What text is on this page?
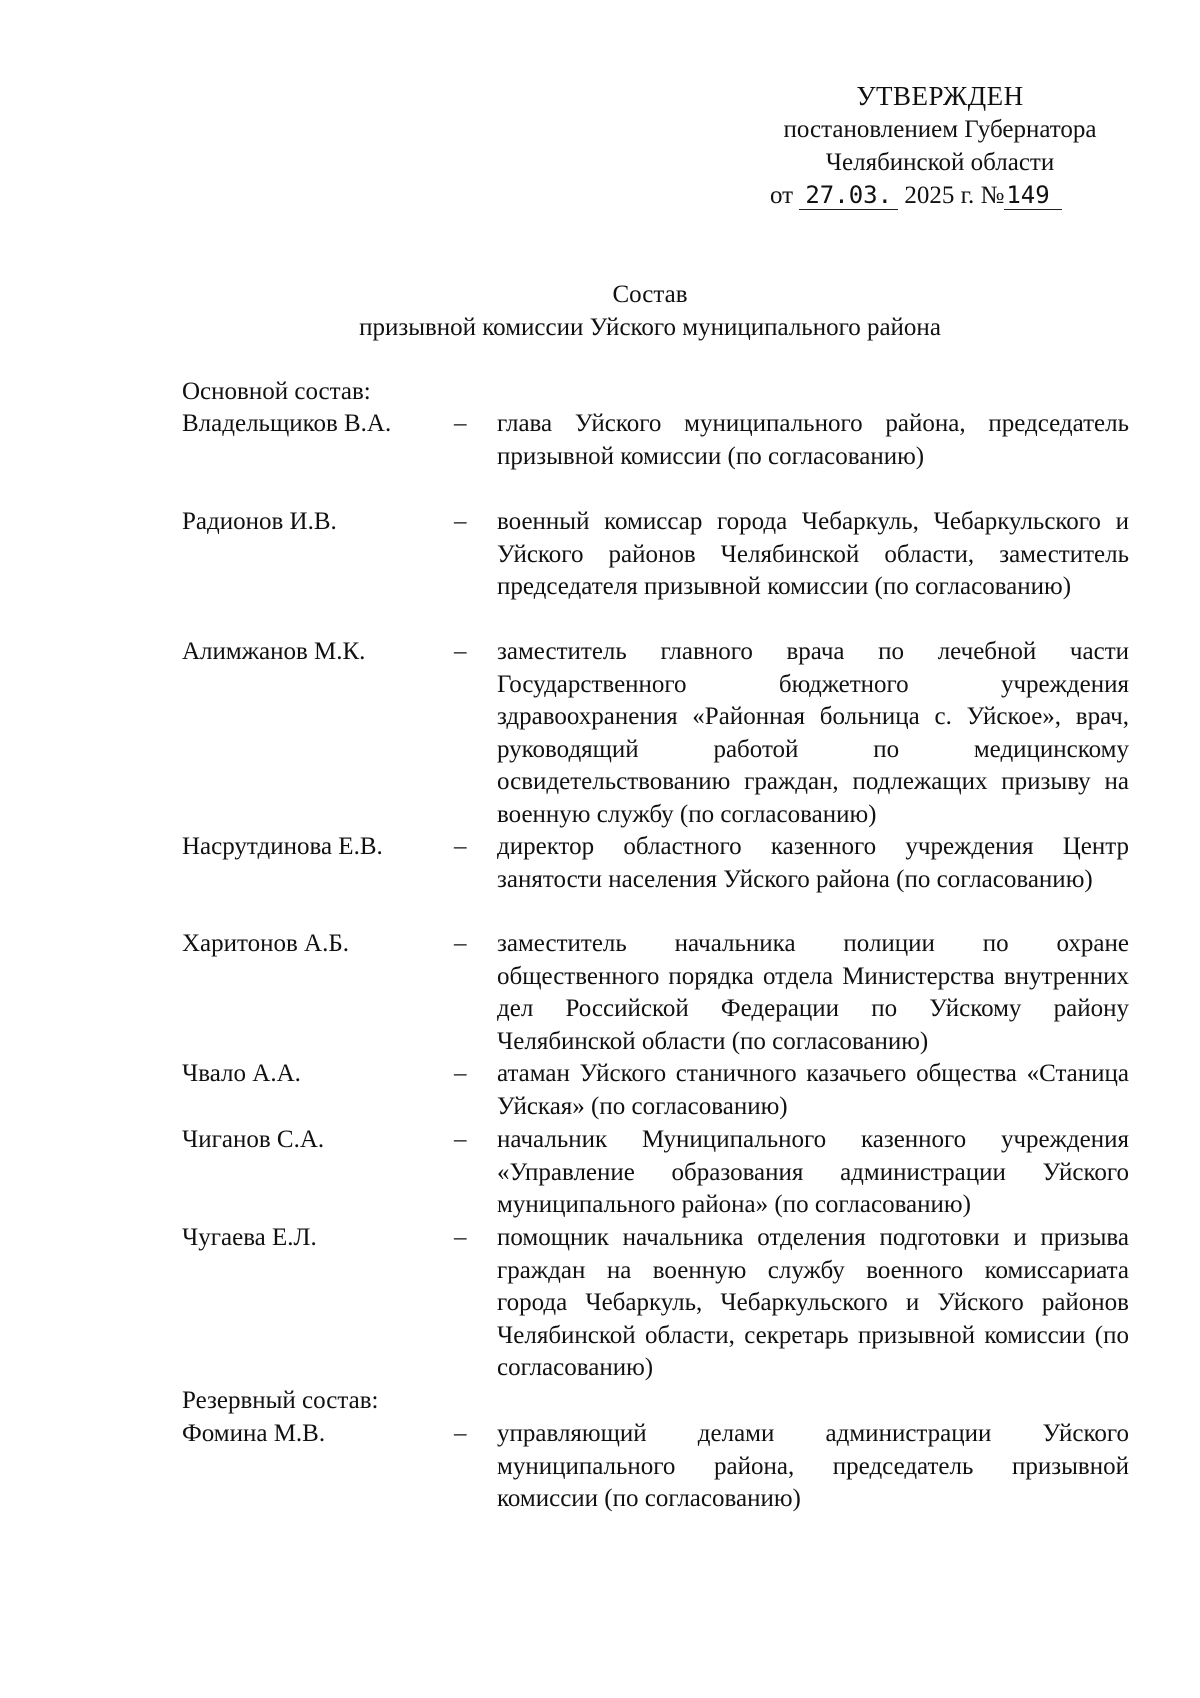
УТВЕРЖДЕН
постановлением Губернатора
Челябинской области
от 27.03. 2025 г. №149
Состав
призывной комиссии Уйского муниципального района
Основной состав:
Владельщиков В.А.	– глава Уйского муниципального района, председатель призывной комиссии (по согласованию)
Радионов И.В.	– военный комиссар города Чебаркуль, Чебаркульского и Уйского районов Челябинской области, заместитель председателя призывной комиссии (по согласованию)
Алимжанов М.К.	– заместитель главного врача по лечебной части Государственного бюджетного учреждения здравоохранения «Районная больница с. Уйское», врач, руководящий работой по медицинскому освидетельствованию граждан, подлежащих призыву на военную службу (по согласованию)
Насрутдинова Е.В.	– директор областного казенного учреждения Центр занятости населения Уйского района (по согласованию)
Харитонов А.Б.	– заместитель начальника полиции по охране общественного порядка отдела Министерства внутренних дел Российской Федерации по Уйскому району Челябинской области (по согласованию)
Чвало А.А.	– атаман Уйского станичного казачьего общества «Станица Уйская» (по согласованию)
Чиганов С.А.	– начальник Муниципального казенного учреждения «Управление образования администрации Уйского муниципального района» (по согласованию)
Чугаева Е.Л.	– помощник начальника отделения подготовки и призыва граждан на военную службу военного комиссариата города Чебаркуль, Чебаркульского и Уйского районов Челябинской области, секретарь призывной комиссии (по согласованию)
Резервный состав:
Фомина М.В.	– управляющий делами администрации Уйского муниципального района, председатель призывной комиссии (по согласованию)
